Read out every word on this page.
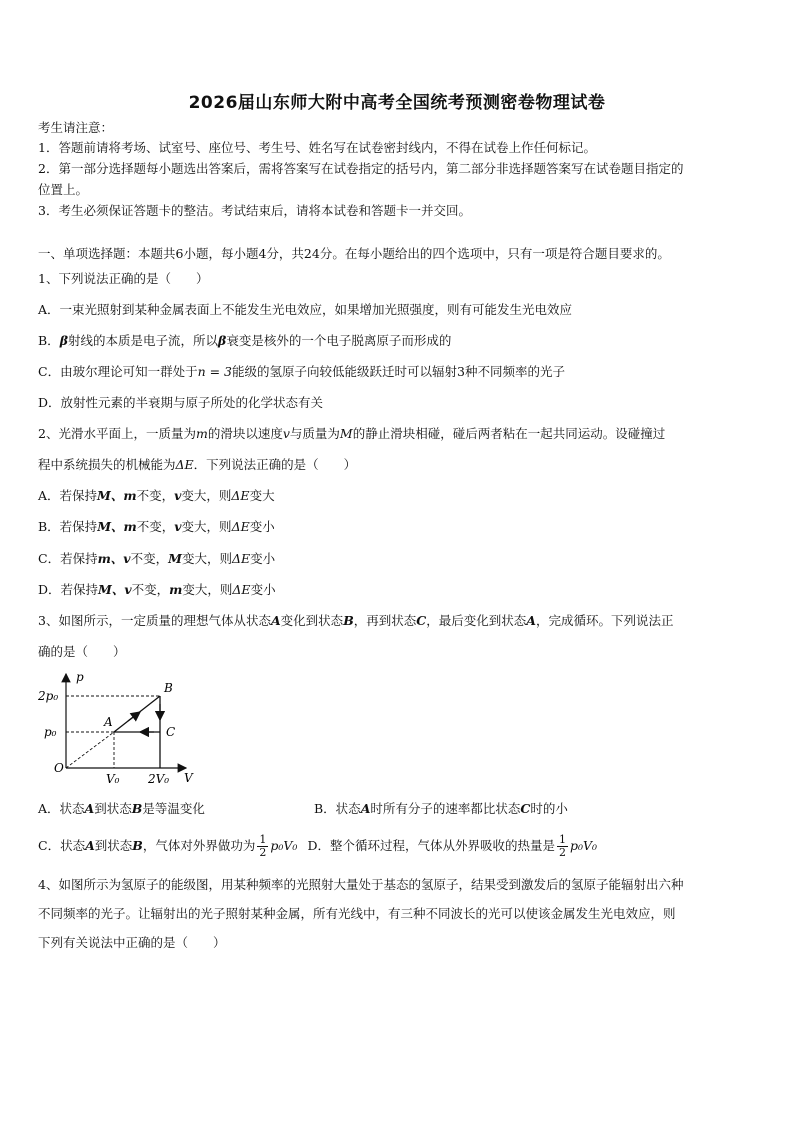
2026届山东师大附中高考全国统考预测密卷物理试卷
考生请注意：
1．答题前请将考场、试室号、座位号、考生号、姓名写在试卷密封线内，不得在试卷上作任何标记。
2．第一部分选择题每小题选出答案后，需将答案写在试卷指定的括号内，第二部分非选择题答案写在试卷题目指定的
位置上。
3．考生必须保证答题卡的整洁。考试结束后，请将本试卷和答题卡一并交回。
一、单项选择题：本题共6小题，每小题4分，共24分。在每小题给出的四个选项中，只有一项是符合题目要求的。
1、下列说法正确的是（　　）
A．一束光照射到某种金属表面上不能发生光电效应，如果增加光照强度，则有可能发生光电效应
B．β射线的本质是电子流，所以β衰变是核外的一个电子脱离原子而形成的
C．由玻尔理论可知一群处于n = 3能级的氢原子向较低能级跃迁时可以辐射3种不同频率的光子
D．放射性元素的半衰期与原子所处的化学状态有关
2、光滑水平面上，一质量为m的滑块以速度v与质量为M的静止滑块相碰，碰后两者粘在一起共同运动。设碰撞过
程中系统损失的机械能为ΔE．下列说法正确的是（　　）
A．若保持M、m不变，v变大，则ΔE变大
B．若保持M、m不变，v变大，则ΔE变小
C．若保持m、v不变，M变大，则ΔE变小
D．若保持M、v不变，m变大，则ΔE变小
3、如图所示，一定质量的理想气体从状态A变化到状态B，再到状态C，最后变化到状态A，完成循环。下列说法正
确的是（　　）
p
V
O
2p₀
p₀
V₀ 2V₀
A
B
C
A．状态A到状态B是等温变化	B．状态A时所有分子的速率都比状态C时的小
C．状态A到状态B，气体对外界做功为 $\frac{1}{2} p_0V_0$ D．整个循环过程，气体从外界吸收的热量是 $\frac{1}{2} p_0V_0$
4、如图所示为氢原子的能级图，用某种频率的光照射大量处于基态的氢原子，结果受到激发后的氢原子能辐射出六种
不同频率的光子。让辐射出的光子照射某种金属，所有光线中，有三种不同波长的光可以使该金属发生光电效应，则
下列有关说法中正确的是（　　）
